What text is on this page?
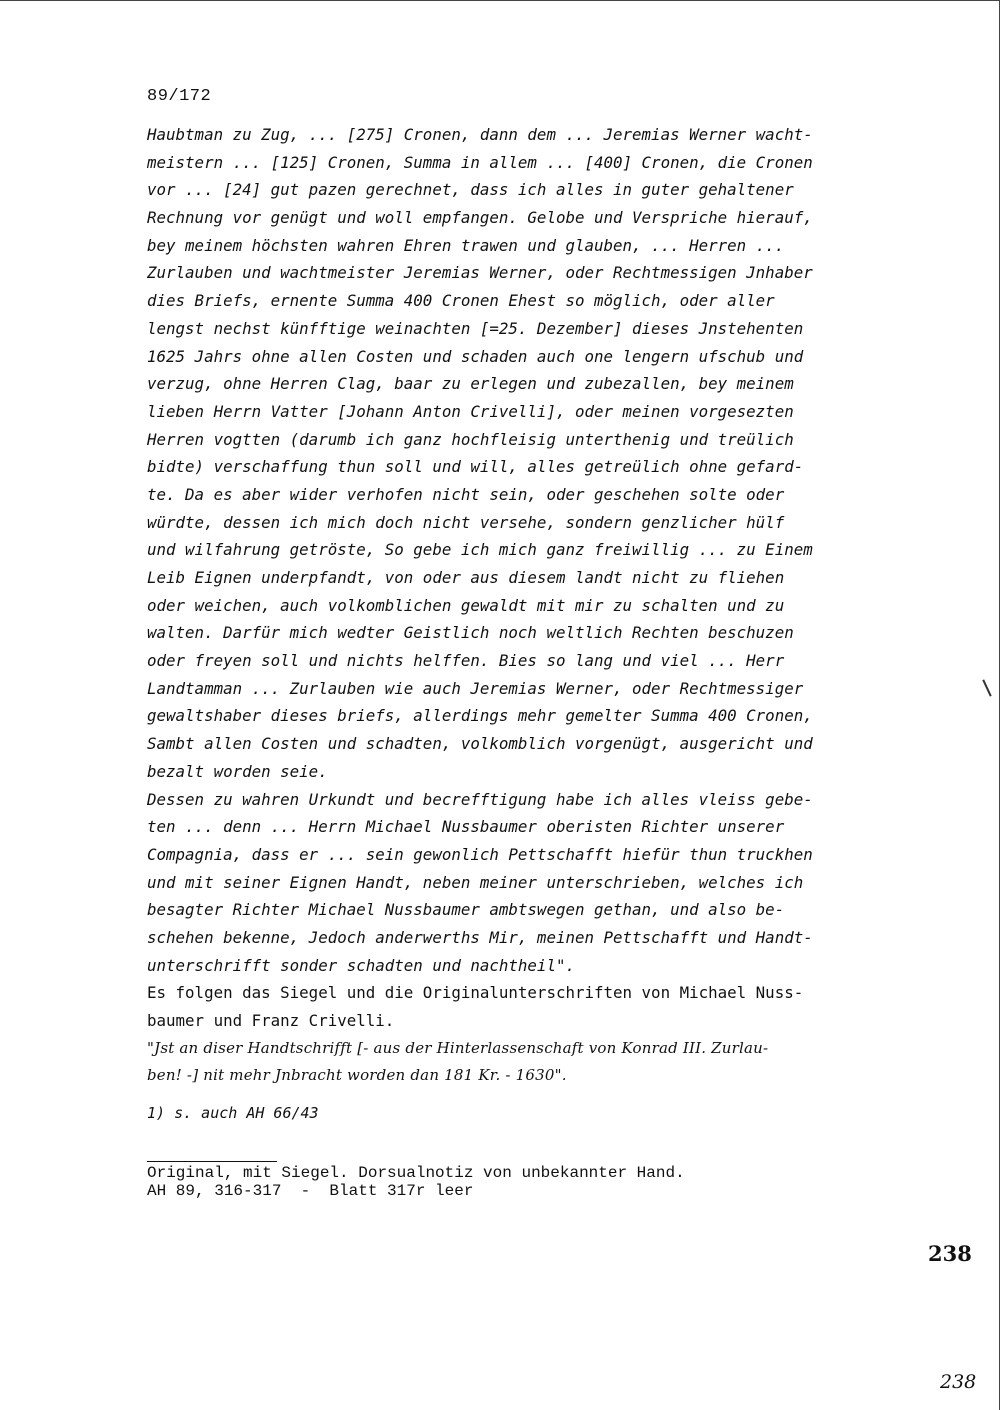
89/172
Haubtman zu Zug, ... [275] Cronen, dann dem ... Jeremias Werner wacht-
meistern ... [125] Cronen, Summa in allem ... [400] Cronen, die Cronen
vor ... [24] gut pazen gerechnet, dass ich alles in guter gehaltener
Rechnung vor genügt und woll empfangen. Gelobe und Verspriche hierauf,
bey meinem höchsten wahren Ehren trawen und glauben, ... Herren ...
Zurlauben und wachtmeister Jeremias Werner, oder Rechtmessigen Jnhaber
dies Briefs, ernente Summa 400 Cronen Ehest so möglich, oder aller
lengst nechst künfftige weinachten [=25. Dezember] dieses Jnstehenten
1625 Jahrs ohne allen Costen und schaden auch one lengern ufschub und
verzug, ohne Herren Clag, baar zu erlegen und zubezallen, bey meinem
lieben Herrn Vatter [Johann Anton Crivelli], oder meinen vorgesezten
Herren vogtten (darumb ich ganz hochfleisig unterthenig und treülich
bidte) verschaffung thun soll und will, alles getreülich ohne gefard-
te. Da es aber wider verhofen nicht sein, oder geschehen solte oder
würdte, dessen ich mich doch nicht versehe, sondern genzlicher hülf
und wilfahrung getröste, So gebe ich mich ganz freiwillig ... zu Einem
Leib Eignen underpfandt, von oder aus diesem landt nicht zu fliehen
oder weichen, auch volkomblichen gewaldt mit mir zu schalten und zu
walten. Darfür mich wedter Geistlich noch weltlich Rechten beschuzen
oder freyen soll und nichts helffen. Bies so lang und viel ... Herr
Landtamman ... Zurlauben wie auch Jeremias Werner, oder Rechtmessiger
gewaltshaber dieses briefs, allerdings mehr gemelter Summa 400 Cronen,
Sambt allen Costen und schadten, volkomblich vorgenügt, ausgericht und
bezalt worden seie.
Dessen zu wahren Urkundt und becrefftigung habe ich alles vleiss gebe-
ten ... denn ... Herrn Michael Nussbaumer oberisten Richter unserer
Compagnia, dass er ... sein gewonlich Pettschafft hiefür thun truckhen
und mit seiner Eignen Handt, neben meiner unterschrieben, welches ich
besagter Richter Michael Nussbaumer ambtswegen gethan, und also be-
schehen bekenne, Jedoch anderwerths Mir, meinen Pettschafft und Handt-
unterschrifft sonder schadten und nachtheil".
Es folgen das Siegel und die Originalunterschriften von Michael Nuss-
baumer und Franz Crivelli.
"Jst an diser Handtschrifft [- aus der Hinterlassenschaft von Konrad III. Zurlau-
ben! -] nit mehr Jnbracht worden dan 181 Kr. - 1630".
1) s. auch AH 66/43
Original, mit Siegel. Dorsualnotiz von unbekannter Hand.
AH 89, 316-317  -  Blatt 317r leer
238
238
